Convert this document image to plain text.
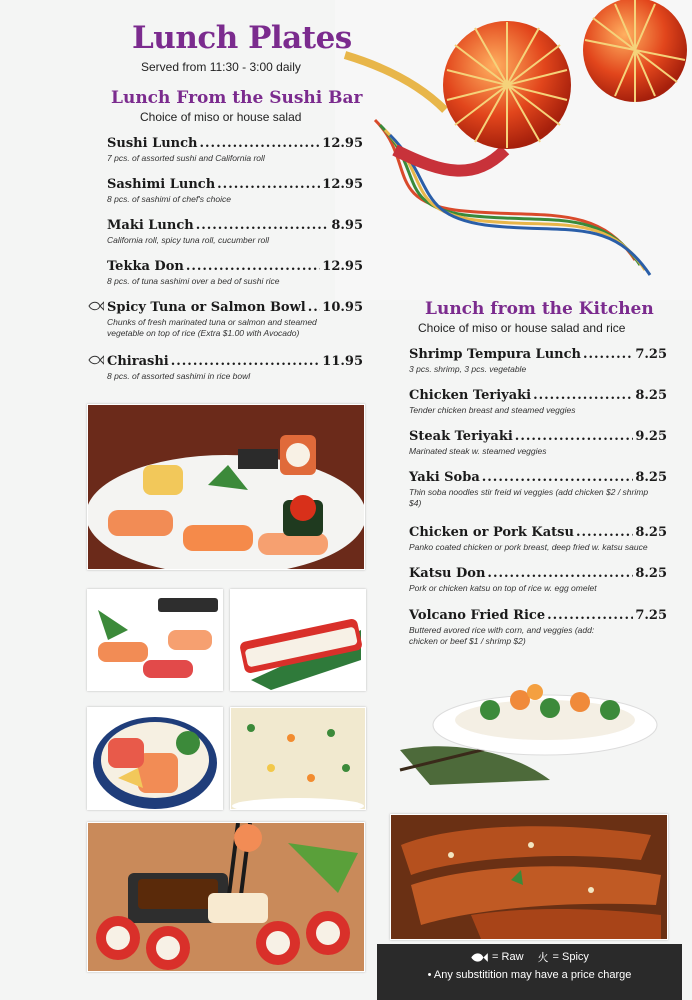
Lunch Plates
Served from 11:30 - 3:00 daily
Lunch From the Sushi Bar
Choice of miso or house salad
Sushi Lunch .....	12.95
7 pcs. of assorted sushi and California roll
Sashimi Lunch .....	12.95
8 pcs. of sashimi of chef's choice
Maki Lunch .....	8.95
California roll, spicy tuna roll, cucumber roll
Tekka Don .....	12.95
8 pcs. of tuna sashimi over a bed of sushi rice
Spicy Tuna or Salmon Bowl ..... 10.95
Chunks of fresh marinated tuna or salmon and steamed vegetable on top of rice (Extra $1.00 with Avocado)
Chirashi .....	11.95
8 pcs. of assorted sashimi in rice bowl
Lunch from the Kitchen
Choice of miso or house salad and rice
Shrimp Tempura Lunch .....	7.25
3 pcs. shrimp, 3 pcs. vegetable
Chicken Teriyaki .....	8.25
Tender chicken breast and steamed veggies
Steak Teriyaki .....	9.25
Marinated steak w. steamed veggies
Yaki Soba .....	8.25
Thin soba noodles stir freid wi veggies (add chicken $2 / shrimp $4)
Chicken or Pork Katsu .....	8.25
Panko coated chicken or pork breast, deep fried w. katsu sauce
Katsu Don .....	8.25
Pork or chicken katsu on top of rice w. egg omelet
Volcano Fried Rice .....	7.25
Buttered avored rice with corn, and veggies (add: chicken or beef $1 / shrimp $2)
= Raw 火 = Spicy
• Any substitition may have a price charge
